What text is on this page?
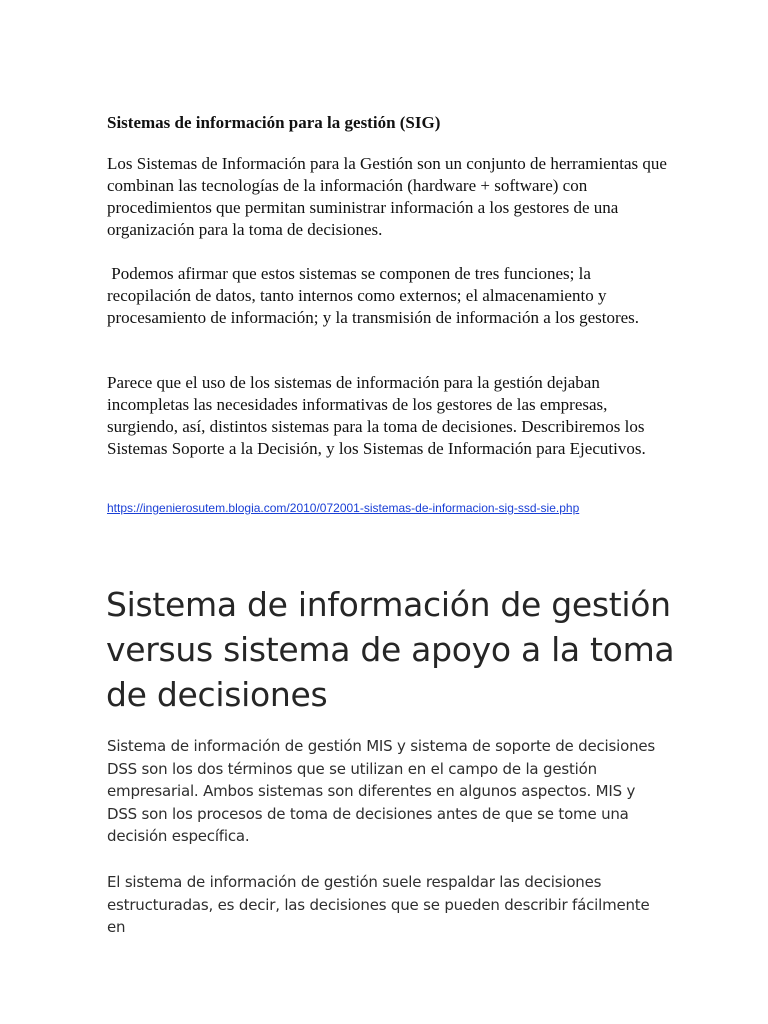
Sistemas de información para la gestión (SIG)

Los Sistemas de Información para la Gestión son un conjunto de herramientas que combinan las tecnologías de la información (hardware + software) con procedimientos que permitan suministrar información a los gestores de una organización para la toma de decisiones.

Podemos afirmar que estos sistemas se componen de tres funciones; la recopilación de datos, tanto internos como externos; el almacenamiento y procesamiento de información; y la transmisión de información a los gestores.

Parece que el uso de los sistemas de información para la gestión dejaban incompletas las necesidades informativas de los gestores de las empresas, surgiendo, así, distintos sistemas para la toma de decisiones. Describiremos los Sistemas Soporte a la Decisión, y los Sistemas de Información para Ejecutivos.

https://ingenierosutem.blogia.com/2010/072001-sistemas-de-informacion-sig-ssd-sie.php
Sistema de información de gestión versus sistema de apoyo a la toma de decisiones

Sistema de información de gestión MIS y sistema de soporte de decisiones DSS son los dos términos que se utilizan en el campo de la gestión empresarial. Ambos sistemas son diferentes en algunos aspectos. MIS y DSS son los procesos de toma de decisiones antes de que se tome una decisión específica.

El sistema de información de gestión suele respaldar las decisiones estructuradas, es decir, las decisiones que se pueden describir fácilmente en
